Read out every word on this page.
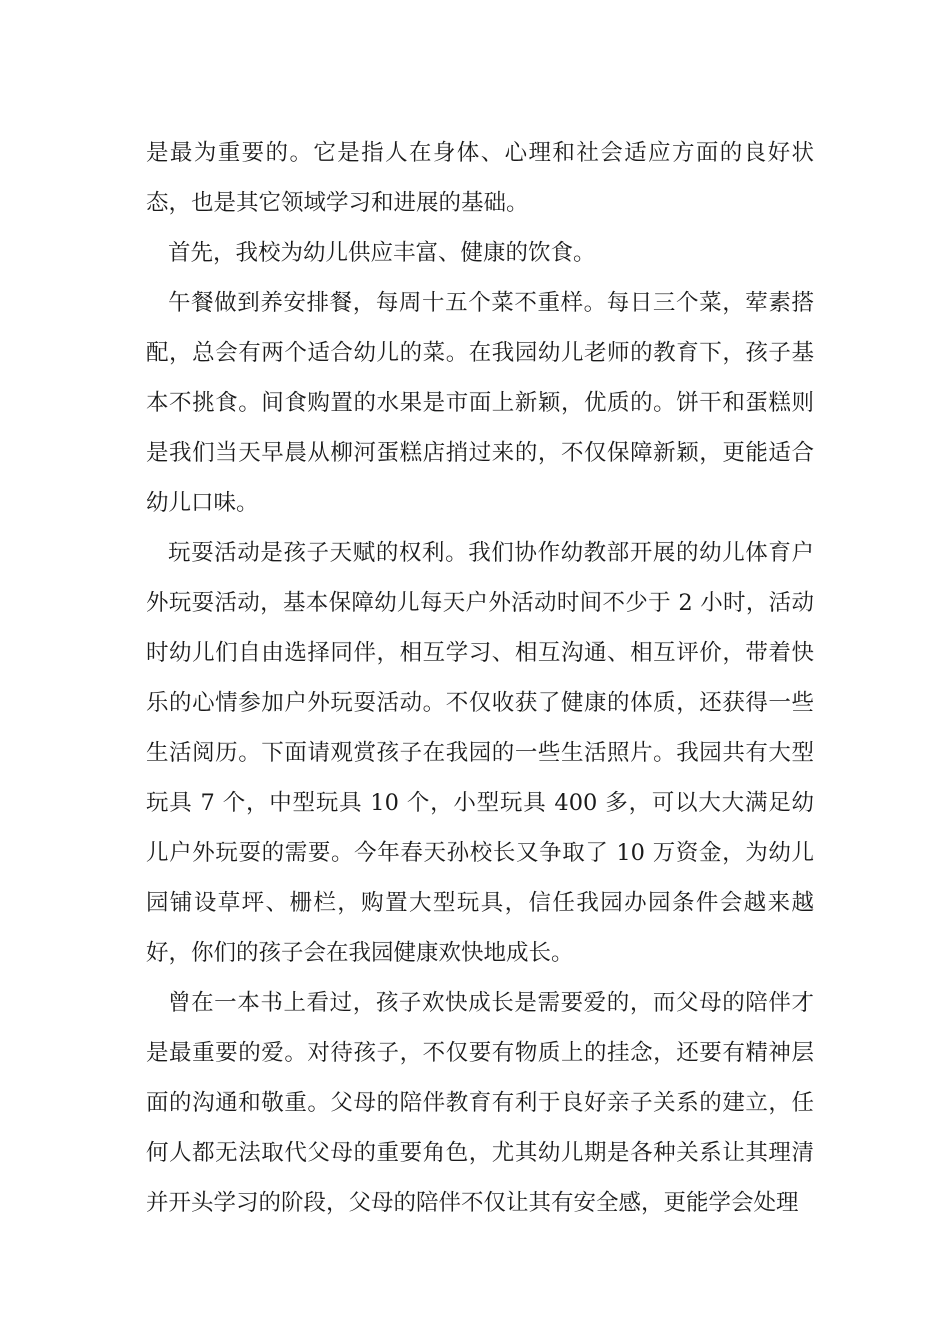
是最为重要的。它是指人在身体、心理和社会适应方面的良好状态，也是其它领域学习和进展的基础。

首先，我校为幼儿供应丰富、健康的饮食。

午餐做到养安排餐，每周十五个菜不重样。每日三个菜，荤素搭配，总会有两个适合幼儿的菜。在我园幼儿老师的教育下，孩子基本不挑食。间食购置的水果是市面上新颖，优质的。饼干和蛋糕则是我们当天早晨从柳河蛋糕店捎过来的，不仅保障新颖，更能适合幼儿口味。

玩耍活动是孩子天赋的权利。我们协作幼教部开展的幼儿体育户外玩耍活动，基本保障幼儿每天户外活动时间不少于 2 小时，活动时幼儿们自由选择同伴，相互学习、相互沟通、相互评价，带着快乐的心情参加户外玩耍活动。不仅收获了健康的体质，还获得一些生活阅历。下面请观赏孩子在我园的一些生活照片。我园共有大型玩具 7 个，中型玩具 10 个，小型玩具 400 多，可以大大满足幼儿户外玩耍的需要。今年春天孙校长又争取了 10 万资金，为幼儿园铺设草坪、栅栏，购置大型玩具，信任我园办园条件会越来越好，你们的孩子会在我园健康欢快地成长。

曾在一本书上看过，孩子欢快成长是需要爱的，而父母的陪伴才是最重要的爱。对待孩子，不仅要有物质上的挂念，还要有精神层面的沟通和敬重。父母的陪伴教育有利于良好亲子关系的建立，任何人都无法取代父母的重要角色，尤其幼儿期是各种关系让其理清并开头学习的阶段，父母的陪伴不仅让其有安全感，更能学会处理
